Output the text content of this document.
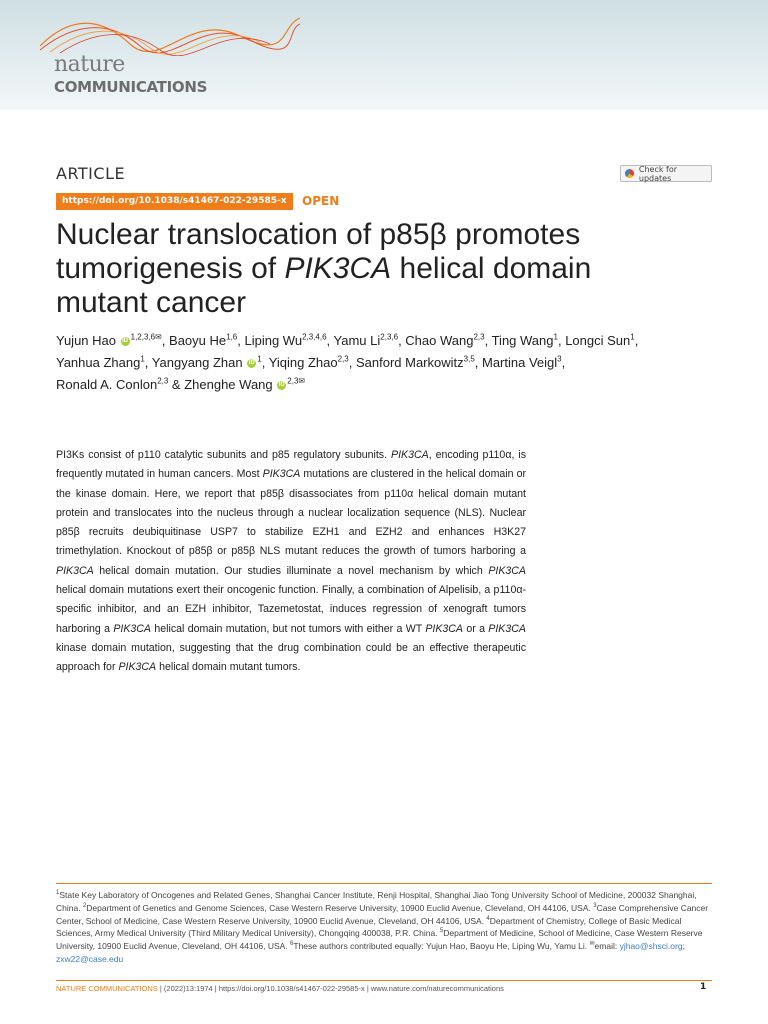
nature
COMMUNICATIONS
ARTICLE	Check for updates
https://doi.org/10.1038/s41467-022-29585-x	OPEN
Nuclear translocation of p85β promotes
tumorigenesis of PIK3CA helical domain
mutant cancer
Yujun Hao iD $^{1,2,3,6✉}$, Baoyu He$^{1,6}$, Liping Wu$^{2,3,4,6}$, Yamu Li$^{2,3,6}$, Chao Wang$^{2,3}$, Ting Wang$^1$, Longci Sun$^1$,
Yanhua Zhang$^1$, Yangyang Zhan iD $^1$, Yiqing Zhao$^{2,3}$, Sanford Markowitz$^{3,5}$, Martina Veigl$^3$,
Ronald A. Conlon$^{2,3}$ & Zhenghe Wang iD $^{2,3✉}$

PI3Ks consist of p110 catalytic subunits and p85 regulatory subunits. PIK3CA, encoding p110α, is frequently mutated in human cancers. Most PIK3CA mutations are clustered in the helical domain or the kinase domain. Here, we report that p85β disassociates from p110α helical domain mutant protein and translocates into the nucleus through a nuclear localization sequence (NLS). Nuclear p85β recruits deubiquitinase USP7 to stabilize EZH1 and EZH2 and enhances H3K27 trimethylation. Knockout of p85β or p85β NLS mutant reduces the growth of tumors harboring a PIK3CA helical domain mutation. Our studies illuminate a novel mechanism by which PIK3CA helical domain mutations exert their oncogenic function. Finally, a combination of Alpelisib, a p110α-specific inhibitor, and an EZH inhibitor, Tazemetostat, induces regression of xenograft tumors harboring a PIK3CA helical domain mutation, but not tumors with either a WT PIK3CA or a PIK3CA kinase domain mutation, suggesting that the drug combination could be an effective therapeutic approach for PIK3CA helical domain mutant tumors.

$^1$State Key Laboratory of Oncogenes and Related Genes, Shanghai Cancer Institute, Renji Hospital, Shanghai Jiao Tong University School of Medicine, 200032 Shanghai, China. $^2$Department of Genetics and Genome Sciences, Case Western Reserve University, 10900 Euclid Avenue, Cleveland, OH 44106, USA. $^3$Case Comprehensive Cancer Center, School of Medicine, Case Western Reserve University, 10900 Euclid Avenue, Cleveland, OH 44106, USA. $^4$Department of Chemistry, College of Basic Medical Sciences, Army Medical University (Third Military Medical University), Chongqing 400038, P.R. China. $^5$Department of Medicine, School of Medicine, Case Western Reserve University, 10900 Euclid Avenue, Cleveland, OH 44106, USA. $^6$These authors contributed equally: Yujun Hao, Baoyu He, Liping Wu, Yamu Li. ✉email: yjhao@shsci.org; zxw22@case.edu

NATURE COMMUNICATIONS | (2022)13:1974 | https://doi.org/10.1038/s41467-022-29585-x | www.nature.com/naturecommunications	1
